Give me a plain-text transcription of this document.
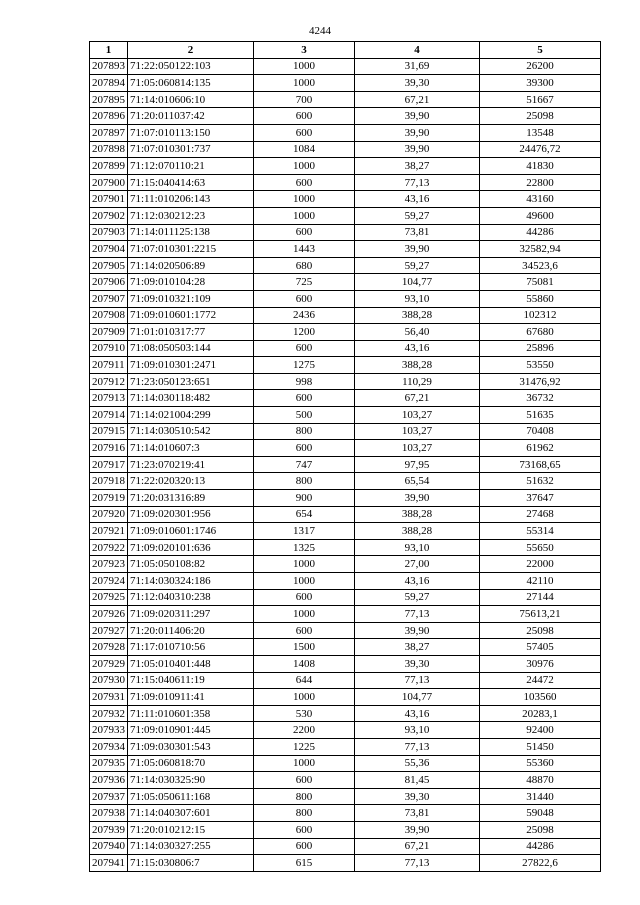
4244
1	2	3	4	5
207893	71:22:050122:103	1000	31,69	26200
207894	71:05:060814:135	1000	39,30	39300
207895	71:14:010606:10	700	67,21	51667
207896	71:20:011037:42	600	39,90	25098
207897	71:07:010113:150	600	39,90	13548
207898	71:07:010301:737	1084	39,90	24476,72
207899	71:12:070110:21	1000	38,27	41830
207900	71:15:040414:63	600	77,13	22800
207901	71:11:010206:143	1000	43,16	43160
207902	71:12:030212:23	1000	59,27	49600
207903	71:14:011125:138	600	73,81	44286
207904	71:07:010301:2215	1443	39,90	32582,94
207905	71:14:020506:89	680	59,27	34523,6
207906	71:09:010104:28	725	104,77	75081
207907	71:09:010321:109	600	93,10	55860
207908	71:09:010601:1772	2436	388,28	102312
207909	71:01:010317:77	1200	56,40	67680
207910	71:08:050503:144	600	43,16	25896
207911	71:09:010301:2471	1275	388,28	53550
207912	71:23:050123:651	998	110,29	31476,92
207913	71:14:030118:482	600	67,21	36732
207914	71:14:021004:299	500	103,27	51635
207915	71:14:030510:542	800	103,27	70408
207916	71:14:010607:3	600	103,27	61962
207917	71:23:070219:41	747	97,95	73168,65
207918	71:22:020320:13	800	65,54	51632
207919	71:20:031316:89	900	39,90	37647
207920	71:09:020301:956	654	388,28	27468
207921	71:09:010601:1746	1317	388,28	55314
207922	71:09:020101:636	1325	93,10	55650
207923	71:05:050108:82	1000	27,00	22000
207924	71:14:030324:186	1000	43,16	42110
207925	71:12:040310:238	600	59,27	27144
207926	71:09:020311:297	1000	77,13	75613,21
207927	71:20:011406:20	600	39,90	25098
207928	71:17:010710:56	1500	38,27	57405
207929	71:05:010401:448	1408	39,30	30976
207930	71:15:040611:19	644	77,13	24472
207931	71:09:010911:41	1000	104,77	103560
207932	71:11:010601:358	530	43,16	20283,1
207933	71:09:010901:445	2200	93,10	92400
207934	71:09:030301:543	1225	77,13	51450
207935	71:05:060818:70	1000	55,36	55360
207936	71:14:030325:90	600	81,45	48870
207937	71:05:050611:168	800	39,30	31440
207938	71:14:040307:601	800	73,81	59048
207939	71:20:010212:15	600	39,90	25098
207940	71:14:030327:255	600	67,21	44286
207941	71:15:030806:7	615	77,13	27822,6
